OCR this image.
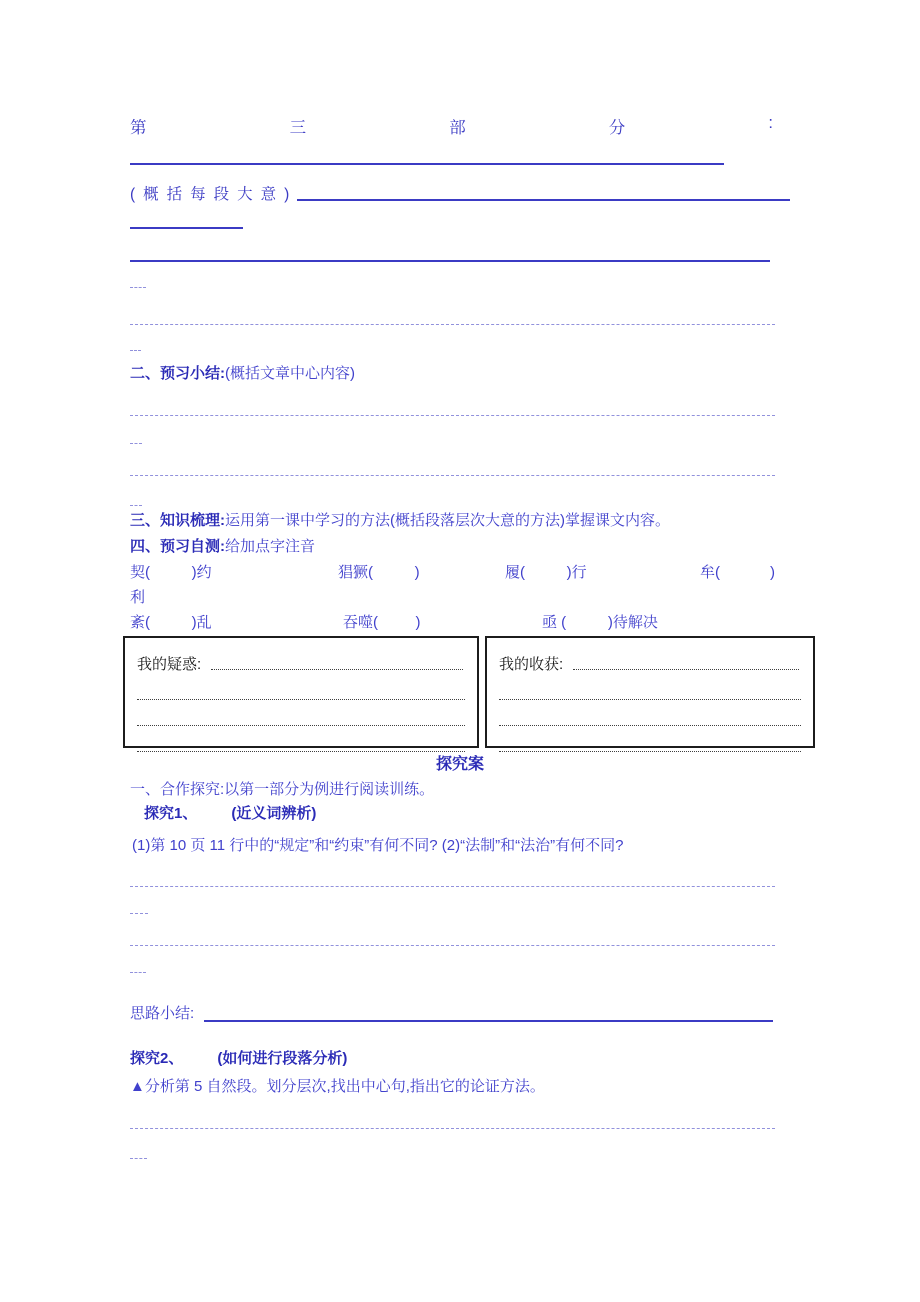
第	三	部	分	:
(概括每段大意)
二、预习小结:(概括文章中心内容)
三、知识梳理:运用第一课中学习的方法(概括段落层次大意的方法)掌握课文内容。
四、预习自测:给加点字注音
契(          )约	猖獗(          )	履(          )行	牟(            )
利
紊(          )乱	吞噬(         )	亟 (          )待解决
我的疑惑:	我的收获:
探究案
一、合作探究:以第一部分为例进行阅读训练。
探究1、 (近义词辨析)
(1)第 10 页 11 行中的“规定”和“约束”有何不同? (2)“法制”和“法治”有何不同?
思路小结:
探究2、 (如何进行段落分析)
▲分析第 5 自然段。划分层次,找出中心句,指出它的论证方法。
